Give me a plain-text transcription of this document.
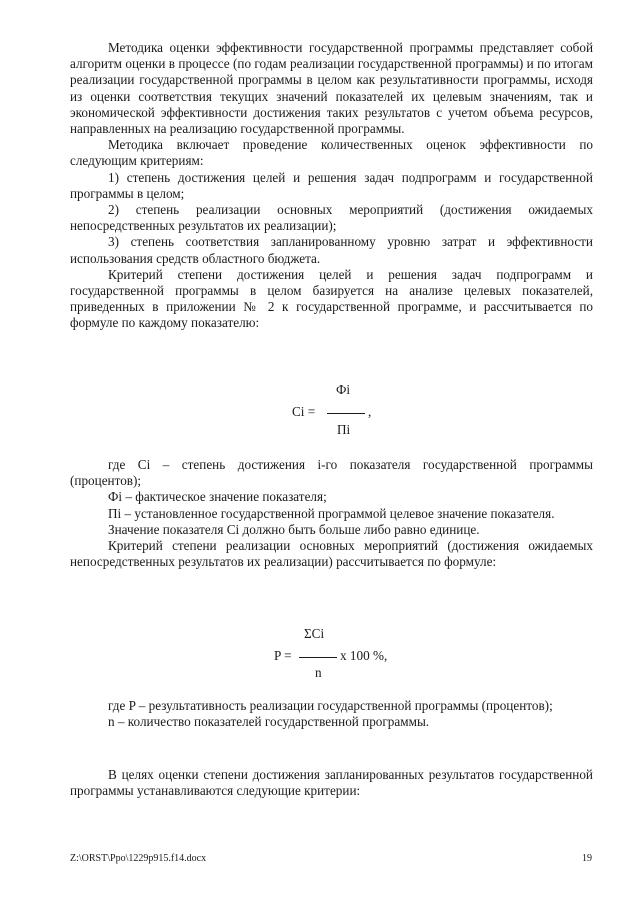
Методика оценки эффективности государственной программы представляет собой алгоритм оценки в процессе (по годам реализации государственной программы) и по итогам реализации государственной программы в целом как результативности программы, исходя из оценки соответствия текущих значений показателей их целевым значениям, так и экономической эффективности достижения таких результатов с учетом объема ресурсов, направленных на реализацию государственной программы.

Методика включает проведение количественных оценок эффективности по следующим критериям:

1) степень достижения целей и решения задач подпрограмм и государственной программы в целом;

2) степень реализации основных мероприятий (достижения ожидаемых непосредственных результатов их реализации);

3) степень соответствия запланированному уровню затрат и эффективности использования средств областного бюджета.

Критерий степени достижения целей и решения задач подпрограмм и государственной программы в целом базируется на анализе целевых показателей, приведенных в приложении № 2 к государственной программе, и рассчитывается по формуле по каждому показателю:

Фi
Ci =	,
Пi

где Ci – степень достижения i-го показателя государственной программы (процентов);

Фi – фактическое значение показателя;

Пi – установленное государственной программой целевое значение показателя.

Значение показателя Ci должно быть больше либо равно единице.

Критерий степени реализации основных мероприятий (достижения ожидаемых непосредственных результатов их реализации) рассчитывается по формуле:

ΣCi
P =	х 100 %,
n

где P – результативность реализации государственной программы (процентов);

n – количество показателей государственной программы.

В целях оценки степени достижения запланированных результатов государственной программы устанавливаются следующие критерии:

Z:\ORST\Ppo\1229p915.f14.docx	19
